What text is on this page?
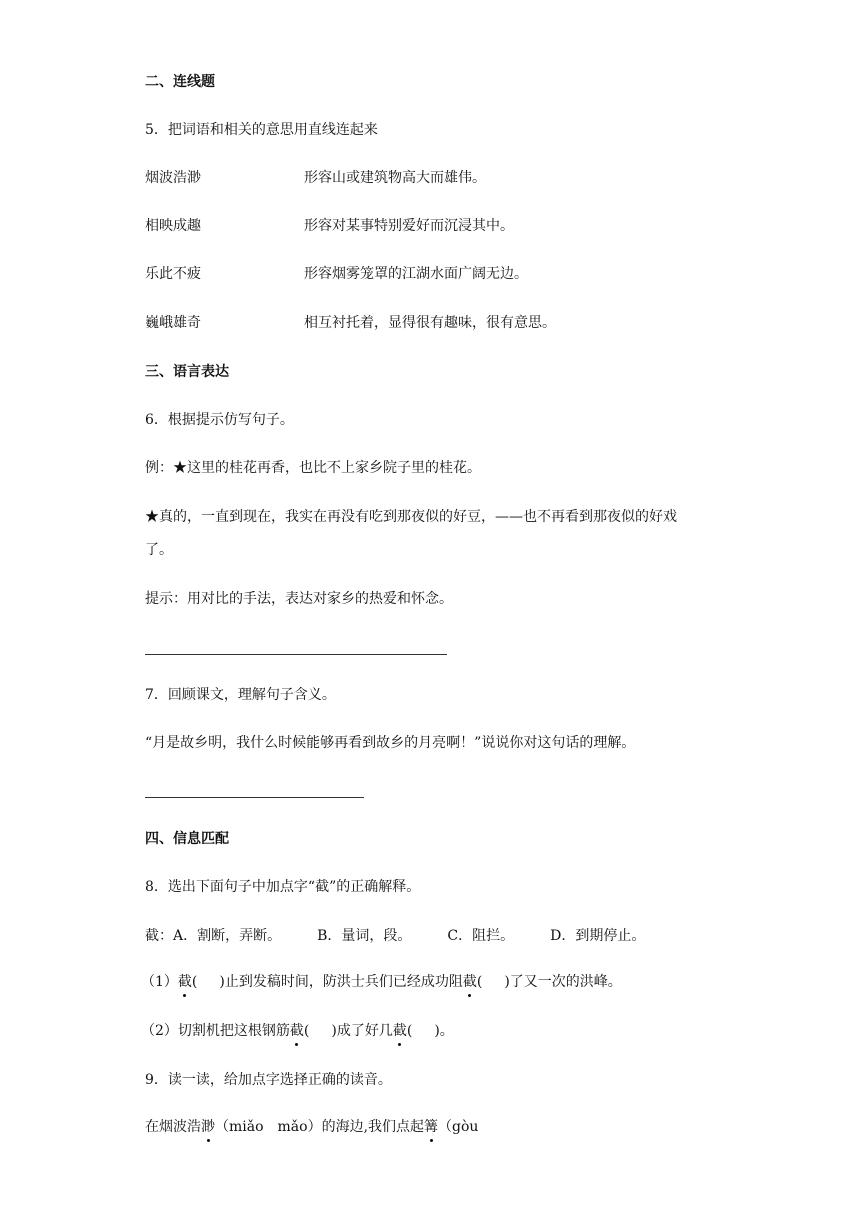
二、连线题
5．把词语和相关的意思用直线连起来
烟波浩渺	形容山或建筑物高大而雄伟。
相映成趣	形容对某事特别爱好而沉浸其中。
乐此不疲	形容烟雾笼罩的江湖水面广阔无边。
巍峨雄奇	相互衬托着，显得很有趣味，很有意思。
三、语言表达
6．根据提示仿写句子。
例：★这里的桂花再香，也比不上家乡院子里的桂花。
★真的，一直到现在，我实在再没有吃到那夜似的好豆，——也不再看到那夜似的好戏
了。
提示：用对比的手法，表达对家乡的热爱和怀念。
7．回顾课文，理解句子含义。
“月是故乡明，我什么时候能够再看到故乡的月亮啊！”说说你对这句话的理解。
四、信息匹配
8．选出下面句子中加点字“截”的正确解释。
截：A．割断，弄断。	B．量词，段。	C．阻拦。	D．到期停止。
（1）截( )止到发稿时间，防洪士兵们已经成功阻截( )了又一次的洪峰。
（2）切割机把这根钢筋截( )成了好几截( )。
9．读一读，给加点字选择正确的读音。
在烟波浩渺（miǎo mǎo）的海边,我们点起篝（gòu
